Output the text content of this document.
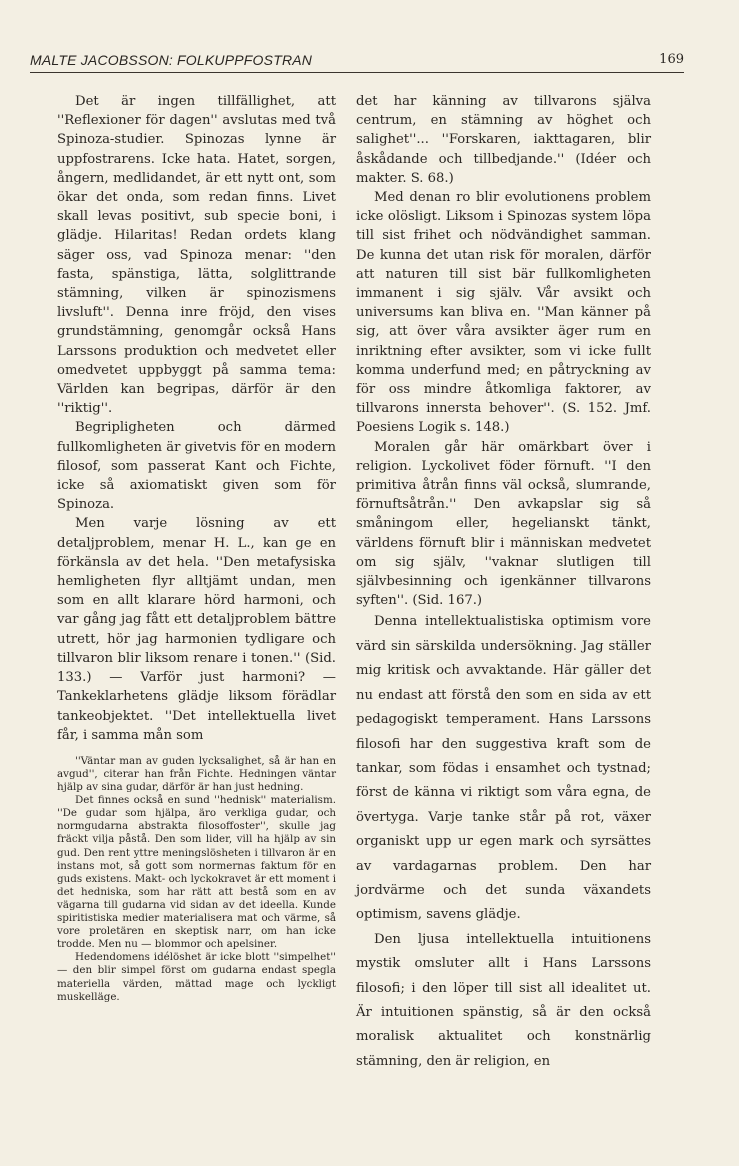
MALTE JACOBSSON: FOLKUPPFOSTRAN	169

Det är ingen tillfällighet, att ''Reflexioner för dagen'' avslutas med två Spinoza-studier. Spinozas lynne är uppfostrarens. Icke hata. Hatet, sorgen, ångern, medlidandet, är ett nytt ont, som ökar det onda, som redan finns. Livet skall levas positivt, sub specie boni, i glädje. Hilaritas! Redan ordets klang säger oss, vad Spinoza menar: ''den fasta, spänstiga, lätta, solglittrande stämning, vilken är spinozismens livsluft''. Denna inre fröjd, den vises grundstämning, genomgår också Hans Larssons produktion och medvetet eller omedvetet uppbyggt på samma tema: Världen kan begripas, därför är den ''riktig''.

Begripligheten och därmed fullkomligheten är givetvis för en modern filosof, som passerat Kant och Fichte, icke så axiomatiskt given som för Spinoza.

Men varje lösning av ett detaljproblem, menar H. L., kan ge en förkänsla av det hela. ''Den metafysiska hemligheten flyr alltjämt undan, men som en allt klarare hörd harmoni, och var gång jag fått ett detaljproblem bättre utrett, hör jag harmonien tydligare och tillvaron blir liksom renare i tonen.'' (Sid. 133.) — Varför just harmoni? — Tankeklarhetens glädje liksom förädlar tankeobjektet. ''Det intellektuella livet får, i samma mån som

''Väntar man av guden lycksalighet, så är han en avgud'', citerar han från Fichte. Hedningen väntar hjälp av sina gudar, därför är han just hedning.

Det finnes också en sund ''hednisk'' materialism. ''De gudar som hjälpa, äro verkliga gudar, och normgudarna abstrakta filosoffoster'', skulle jag fräckt vilja påstå. Den som lider, vill ha hjälp av sin gud. Den rent yttre meningslösheten i tillvaron är en instans mot, så gott som normernas faktum för en guds existens. Makt- och lyckokravet är ett moment i det hedniska, som har rätt att bestå som en av vägarna till gudarna vid sidan av det ideella. Kunde spiritistiska medier materialisera mat och värme, så vore proletären en skeptisk narr, om han icke trodde. Men nu — blommor och apelsiner.

Hedendomens idélöshet är icke blott ''simpelhet'' — den blir simpel först om gudarna endast spegla materiella värden, mättad mage och lyckligt muskelläge.

det har känning av tillvarons själva centrum, en stämning av höghet och salighet''... ''Forskaren, iakttagaren, blir åskådande och tillbedjande.'' (Idéer och makter. S. 68.)

Med denan ro blir evolutionens problem icke olösligt. Liksom i Spinozas system löpa till sist frihet och nödvändighet samman. De kunna det utan risk för moralen, därför att naturen till sist bär fullkomligheten immanent i sig själv. Vår avsikt och universums kan bliva en. ''Man känner på sig, att över våra avsikter äger rum en inriktning efter avsikter, som vi icke fullt komma underfund med; en påtryckning av för oss mindre åtkomliga faktorer, av tillvarons innersta behover''. (S. 152. Jmf. Poesiens Logik s. 148.)

Moralen går här omärkbart över i religion. Lyckolivet föder förnuft. ''I den primitiva åtrån finns väl också, slumrande, förnuftsåtrån.'' Den avkapslar sig så småningom eller, hegelianskt tänkt, världens förnuft blir i människan medvetet om sig själv, ''vaknar slutligen till självbesinning och igenkänner tillvarons syften''. (Sid. 167.)

Denna intellektualistiska optimism vore värd sin särskilda undersökning. Jag ställer mig kritisk och avvaktande. Här gäller det nu endast att förstå den som en sida av ett pedagogiskt temperament. Hans Larssons filosofi har den suggestiva kraft som de tankar, som födas i ensamhet och tystnad; först de känna vi riktigt som våra egna, de övertyga. Varje tanke står på rot, växer organiskt upp ur egen mark och syrsättes av vardagarnas problem. Den har jordvärme och det sunda växandets optimism, savens glädje.

Den ljusa intellektuella intuitionens mystik omsluter allt i Hans Larssons filosofi; i den löper till sist all idealitet ut. Är intuitionen spänstig, så är den också moralisk aktualitet och konstnärlig stämning, den är religion, en
